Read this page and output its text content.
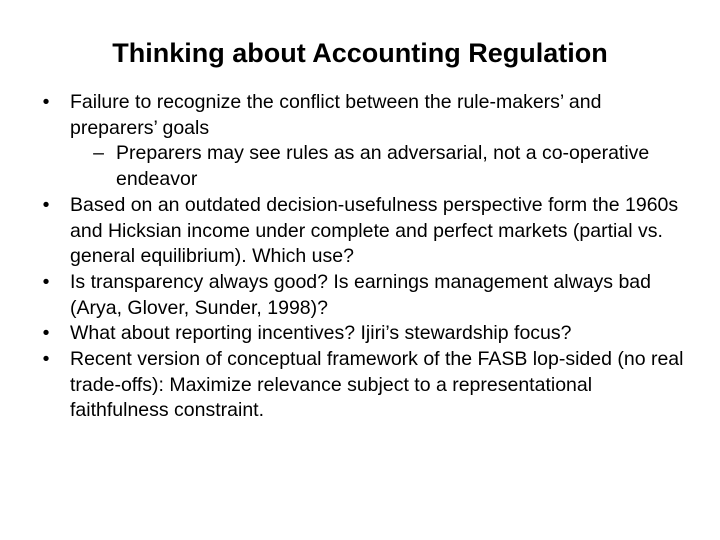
Thinking about Accounting Regulation
•	Failure to recognize the conflict between the rule-makers’ and preparers’ goals
– Preparers may see rules as an adversarial, not a co-operative endeavor
•	Based on an outdated decision-usefulness perspective form the 1960s and Hicksian income under complete and perfect markets (partial vs. general equilibrium). Which use?
•	Is transparency always good? Is earnings management always bad (Arya, Glover, Sunder, 1998)?
•	What about reporting incentives? Ijiri’s stewardship focus?
•	Recent version of conceptual framework of the FASB lop-sided (no real trade-offs): Maximize relevance subject to a representational faithfulness constraint.
